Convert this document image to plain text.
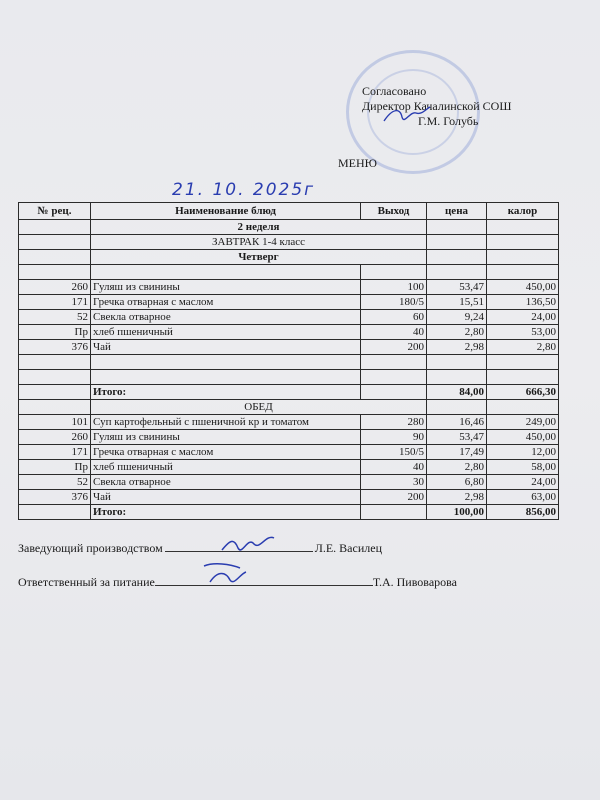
Согласовано
Директор Качалинской СОШ
Г.М. Голубь
МЕНЮ
21. 10. 2025г
№ рец.	Наименование блюд	Выход	цена	калор
	2 неделя			
	ЗАВТРАК 1-4 класс			
	Четверг			

260	Гуляш из свинины	100	53,47	450,00
171	Гречка отварная с маслом	180/5	15,51	136,50
52	Свекла отварное	60	9,24	24,00
Пр	хлеб пшеничный	40	2,80	53,00
376	Чай	200	2,98	2,80

	Итого:		84,00	666,30
	ОБЕД			
101	Суп картофельный с пшеничной кр и томатом	280	16,46	249,00
260	Гуляш из свинины	90	53,47	450,00
171	Гречка отварная с маслом	150/5	17,49	12,00
Пр	хлеб пшеничный	40	2,80	58,00
52	Свекла отварное	30	6,80	24,00
376	Чай	200	2,98	63,00
	Итого:		100,00	856,00
Заведующий производством	Л.Е. Василец
Ответственный за питание	Т.А. Пивоварова
